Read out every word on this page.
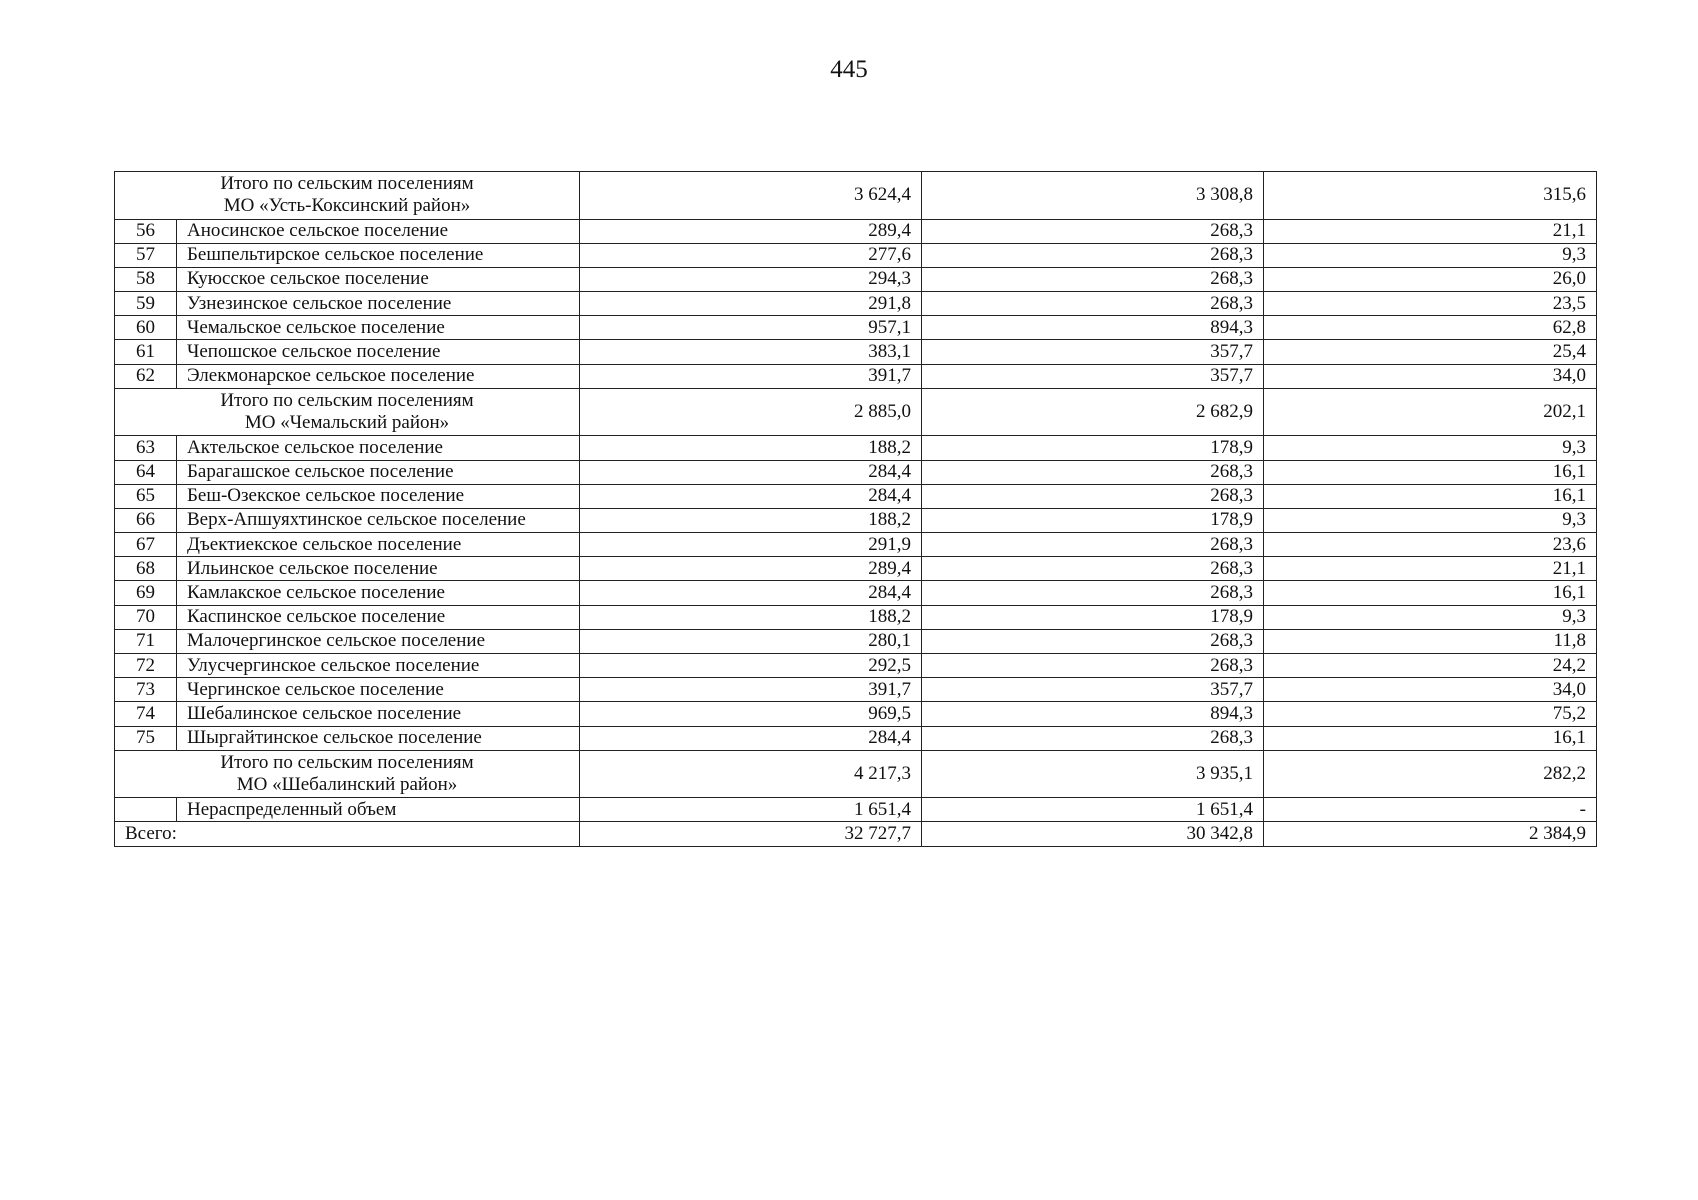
445
Итого по сельским поселениям
МО «Усть-Коксинский район»		3 624,4	3 308,8	315,6
56	Аносинское сельское поселение	289,4	268,3	21,1
57	Бешпельтирское сельское поселение	277,6	268,3	9,3
58	Куюсское сельское поселение	294,3	268,3	26,0
59	Узнезинское сельское поселение	291,8	268,3	23,5
60	Чемальское сельское поселение	957,1	894,3	62,8
61	Чепошское сельское поселение	383,1	357,7	25,4
62	Элекмонарское сельское поселение	391,7	357,7	34,0

Итого по сельским поселениям
МО «Чемальский район»		2 885,0	2 682,9	202,1
63	Актельское сельское поселение	188,2	178,9	9,3
64	Барагашское сельское поселение	284,4	268,3	16,1
65	Беш-Озекское сельское поселение	284,4	268,3	16,1
66	Верх-Апшуяхтинское сельское поселение	188,2	178,9	9,3
67	Дъектиекское сельское поселение	291,9	268,3	23,6
68	Ильинское сельское поселение	289,4	268,3	21,1
69	Камлакское сельское поселение	284,4	268,3	16,1
70	Каспинское сельское поселение	188,2	178,9	9,3
71	Малочергинское сельское поселение	280,1	268,3	11,8
72	Улусчергинское сельское поселение	292,5	268,3	24,2
73	Чергинское сельское поселение	391,7	357,7	34,0
74	Шебалинское сельское поселение	969,5	894,3	75,2
75	Шыргайтинское сельское поселение	284,4	268,3	16,1

Итого по сельским поселениям
МО «Шебалинский район»		4 217,3	3 935,1	282,2
	Нераспределенный объем	1 651,4	1 651,4	-
Всего:		32 727,7	30 342,8	2 384,9
